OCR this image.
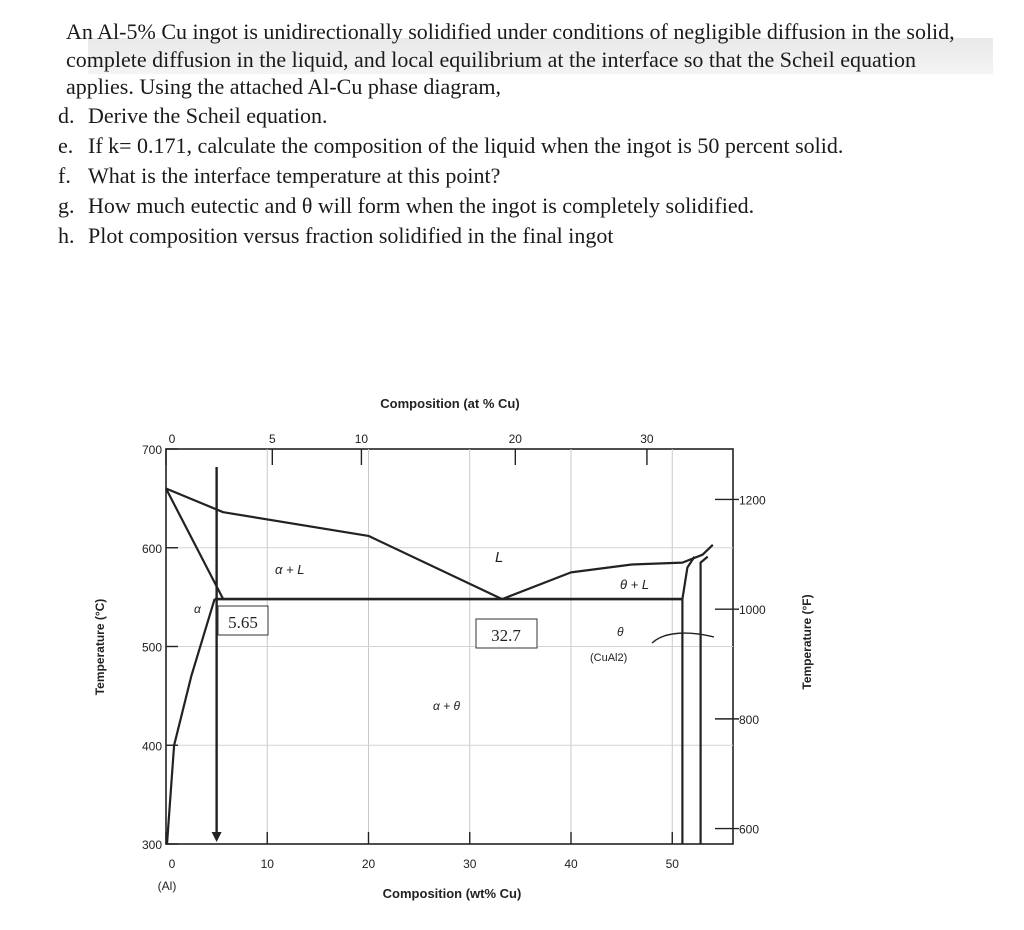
An Al-5% Cu ingot is unidirectionally solidified under conditions of negligible diffusion in the solid, complete diffusion in the liquid, and local equilibrium at the interface so that the Scheil equation applies. Using the attached Al-Cu phase diagram,

d. Derive the Scheil equation.
e. If k= 0.171, calculate the composition of the liquid when the ingot is 50 percent solid.
f. What is the interface temperature at this point?
g. How much eutectic and θ will form when the ingot is completely solidified.
h. Plot composition versus fraction solidified in the final ingot
0	10	20	30	40	50
300
400
500
600
700
0	5	10	20	30
600
800
1000
1200
Composition (at % Cu)
Composition (wt% Cu)
Temperature (°C)	Temperature (°F)
(Al)
α
α + L
L
θ + L
α + θ
θ
(CuAl2)
5.65
32.7
